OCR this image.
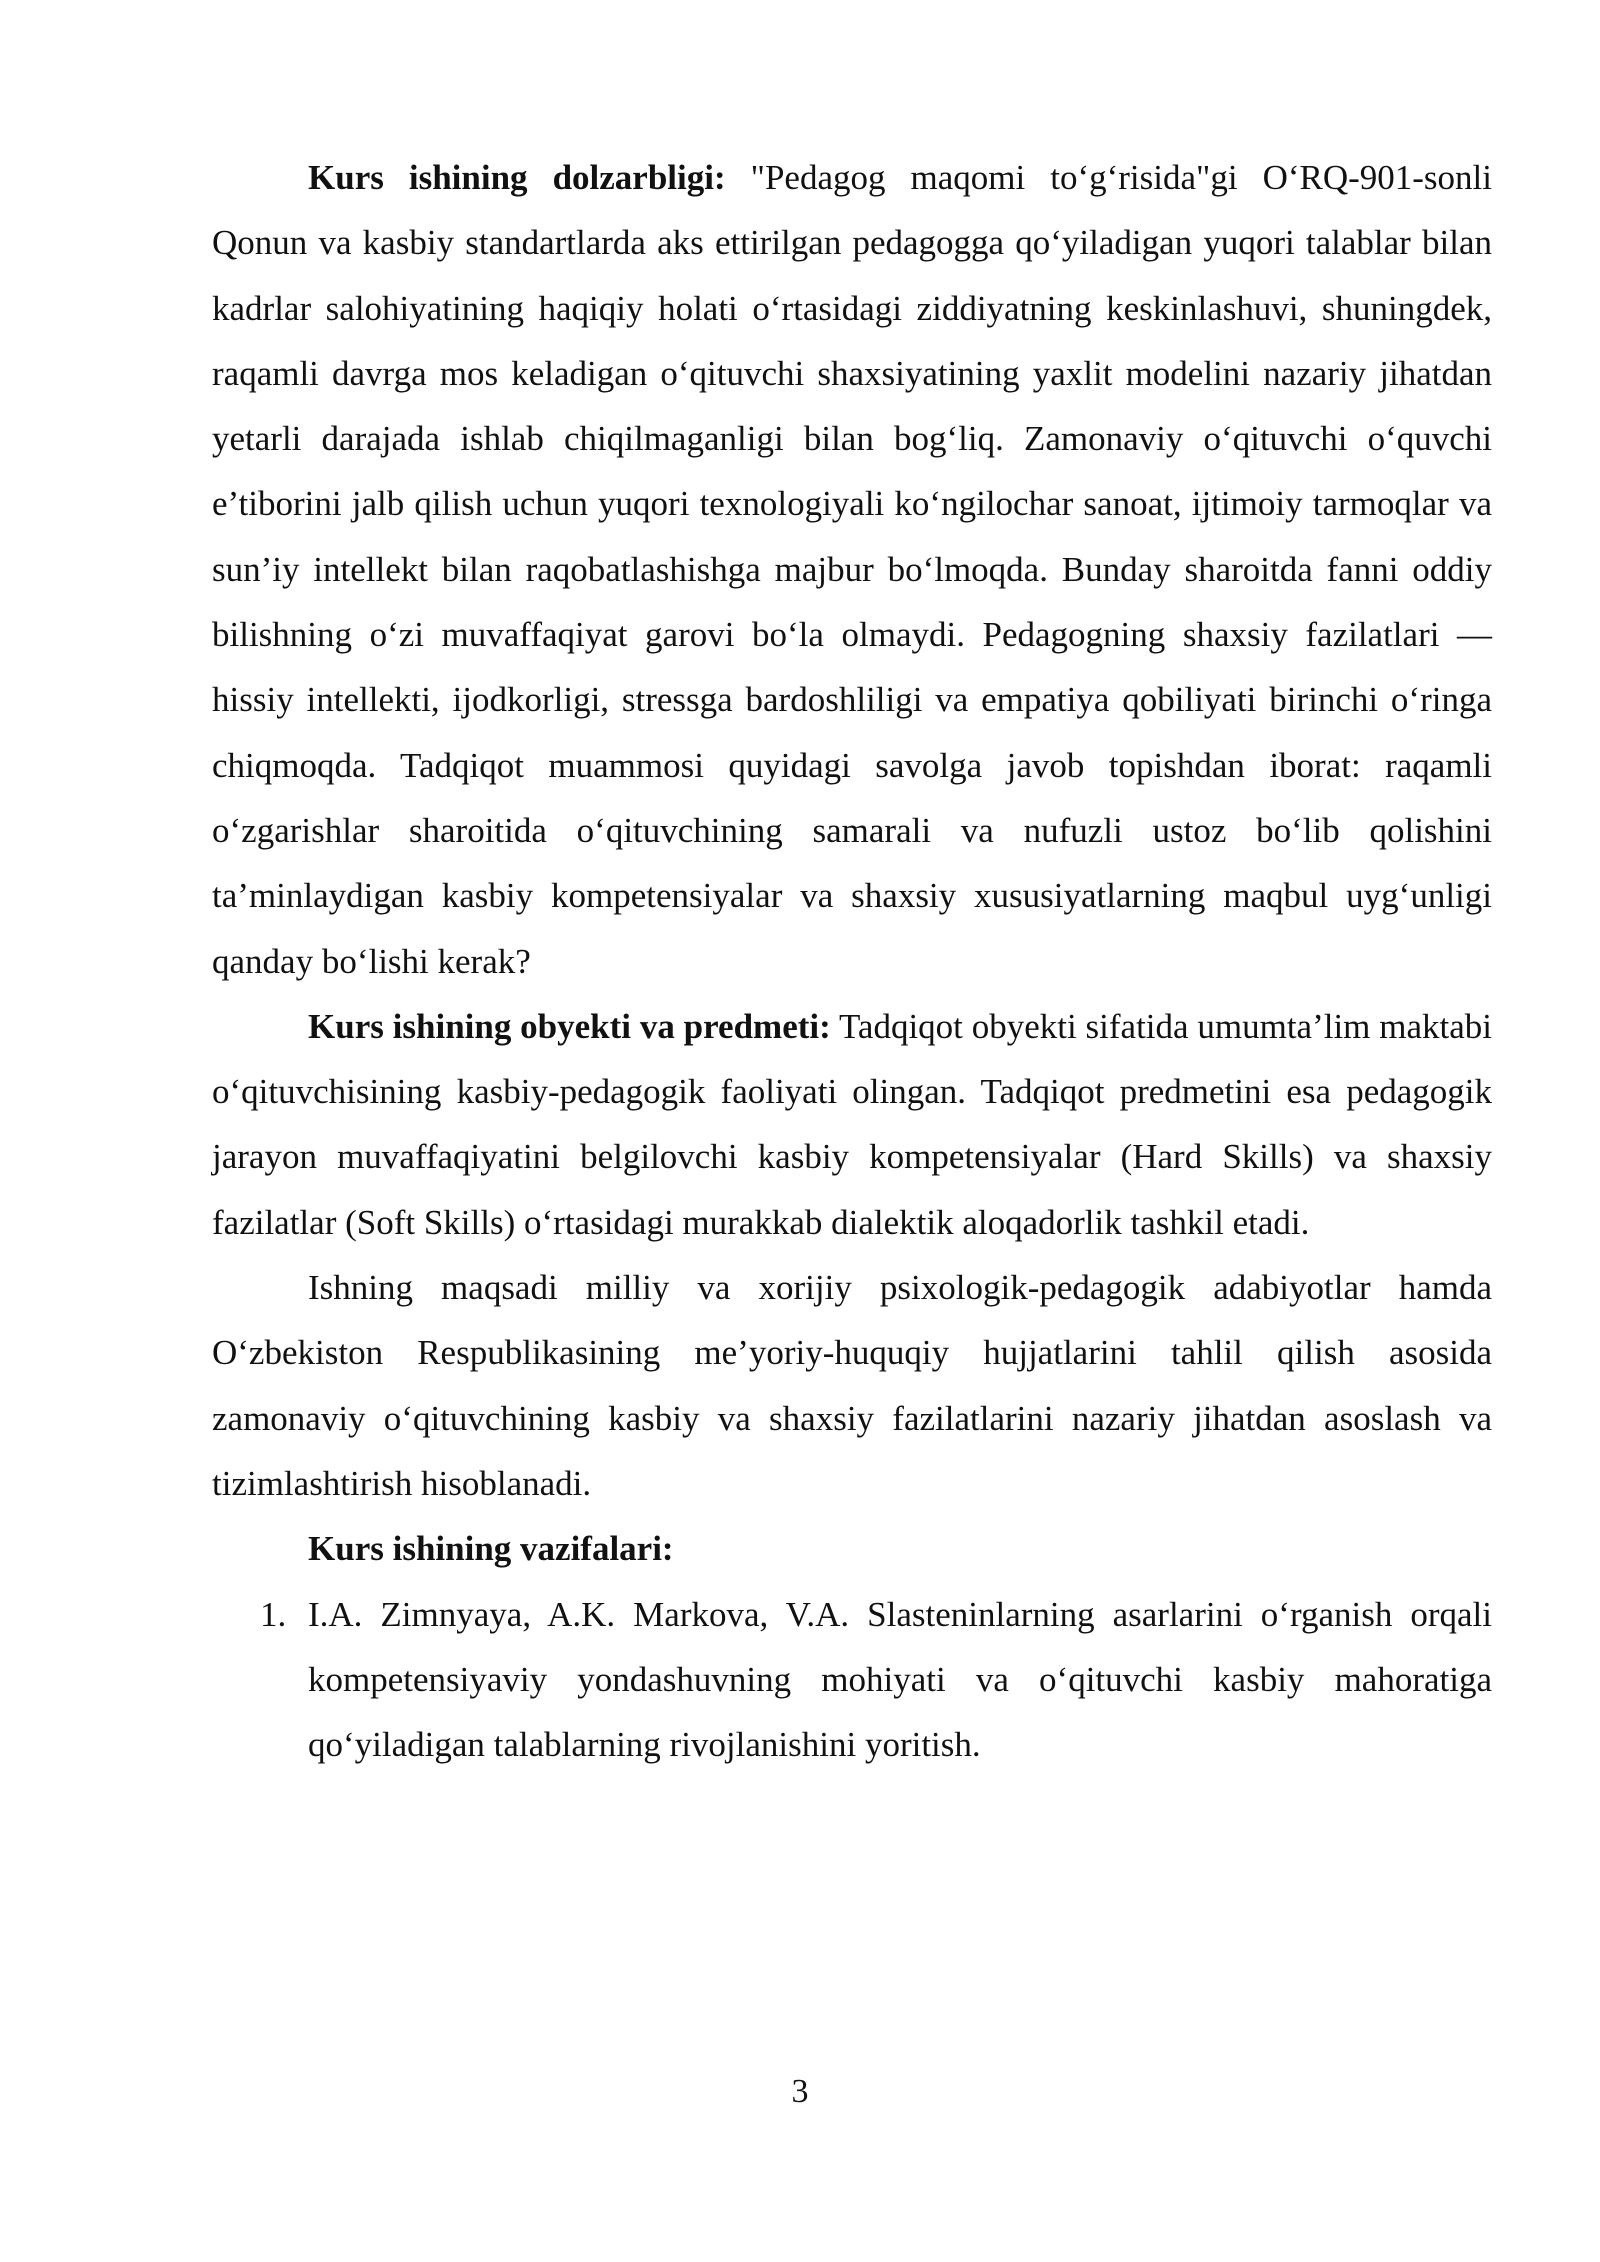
Kurs ishining dolzarbligi: "Pedagog maqomi to‘g‘risida"gi O‘RQ-901-sonli Qonun va kasbiy standartlarda aks ettirilgan pedagogga qo‘yiladigan yuqori talablar bilan kadrlar salohiyatining haqiqiy holati o‘rtasidagi ziddiyatning keskinlashuvi, shuningdek, raqamli davrga mos keladigan o‘qituvchi shaxsiyatining yaxlit modelini nazariy jihatdan yetarli darajada ishlab chiqilmaganligi bilan bog‘liq. Zamonaviy o‘qituvchi o‘quvchi e’tiborini jalb qilish uchun yuqori texnologiyali ko‘ngilochar sanoat, ijtimoiy tarmoqlar va sun’iy intellekt bilan raqobatlashishga majbur bo‘lmoqda. Bunday sharoitda fanni oddiy bilishning o‘zi muvaffaqiyat garovi bo‘la olmaydi. Pedagogning shaxsiy fazilatlari — hissiy intellekti, ijodkorligi, stressga bardoshliligi va empatiya qobiliyati birinchi o‘ringa chiqmoqda. Tadqiqot muammosi quyidagi savolga javob topishdan iborat: raqamli o‘zgarishlar sharoitida o‘qituvchining samarali va nufuzli ustoz bo‘lib qolishini ta’minlaydigan kasbiy kompetensiyalar va shaxsiy xususiyatlarning maqbul uyg‘unligi qanday bo‘lishi kerak?

Kurs ishining obyekti va predmeti: Tadqiqot obyekti sifatida umumta’lim maktabi o‘qituvchisining kasbiy-pedagogik faoliyati olingan. Tadqiqot predmetini esa pedagogik jarayon muvaffaqiyatini belgilovchi kasbiy kompetensiyalar (Hard Skills) va shaxsiy fazilatlar (Soft Skills) o‘rtasidagi murakkab dialektik aloqadorlik tashkil etadi.

Ishning maqsadi milliy va xorijiy psixologik-pedagogik adabiyotlar hamda O‘zbekiston Respublikasining me’yoriy-huquqiy hujjatlarini tahlil qilish asosida zamonaviy o‘qituvchining kasbiy va shaxsiy fazilatlarini nazariy jihatdan asoslash va tizimlashtirish hisoblanadi.

Kurs ishining vazifalari:

1. I.A. Zimnyaya, A.K. Markova, V.A. Slasteninlarning asarlarini o‘rganish orqali kompetensiyaviy yondashuvning mohiyati va o‘qituvchi kasbiy mahoratiga qo‘yiladigan talablarning rivojlanishini yoritish.
3
